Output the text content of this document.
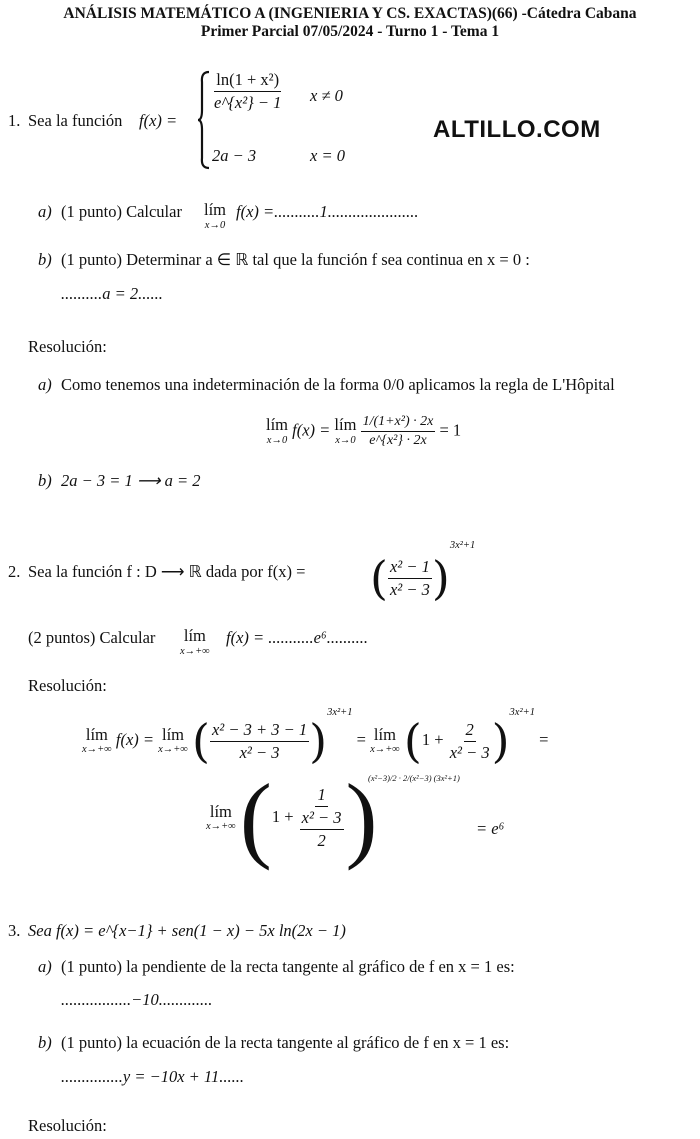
ANÁLISIS MATEMÁTICO A (INGENIERIA Y CS. EXACTAS)(66) -Cátedra Cabana
Primer Parcial 07/05/2024 - Turno 1 - Tema 1
ALTILLO.COM
1. Sea la función f(x) =
$\frac{\text{ln(1 + x²)}}{\text{e\textasciicircum{}\{x²\} − 1}}$ x ≠ 0
2a − 3	x = 0
a) (1 punto) Calcular lím
x→0
f(x) =...........1......................
b) (1 punto) Determinar a ∈ ℝ tal que la función f sea continua en x = 0 :
..........a = 2......
Resolución:
a) Como tenemos una indeterminación de la forma 0/0 aplicamos la regla de L'Hôpital
lím
x→0
f(x) = lím
x→0
$\frac{\text{1/(1+x²) · 2x}}{\text{e\textasciicircum{}\{x²\} · 2x}} = 1$
b) 2a − 3 = 1 ⟶ a = 2
2. Sea la función f : D ⟶ ℝ dada por f(x) = ( $\frac{\text{x² − 1}}{\text{x² − 3}} )^{3x^2+1}$
(2 puntos) Calcular lím
x→+∞
f(x) = ...........e⁶..........
Resolución:
lím
x→+∞
f(x) = lím
x→+∞ ( $\frac{\text{x² − 3 + 3 − 1}}{\text{x² − 3}} )^{3x^2+1}$ = lím
x→+∞ $(1 + \frac{2}{\text{x² − 3}} )^{3x^2+1}$ =
lím
x→+∞ ($1 + \frac{1}{\frac{\text{x² − 3}}{2}}$ )
(x²−3)/2 · 2/(x²−3) (3x²+1)
= e⁶
3. Sea f(x) = e^{x−1} + sen(1 − x) − 5x ln(2x − 1)
a) (1 punto) la pendiente de la recta tangente al gráfico de f en x = 1 es:
.................−10.............
b) (1 punto) la ecuación de la recta tangente al gráfico de f en x = 1 es:
...............y = −10x + 11......
Resolución:
